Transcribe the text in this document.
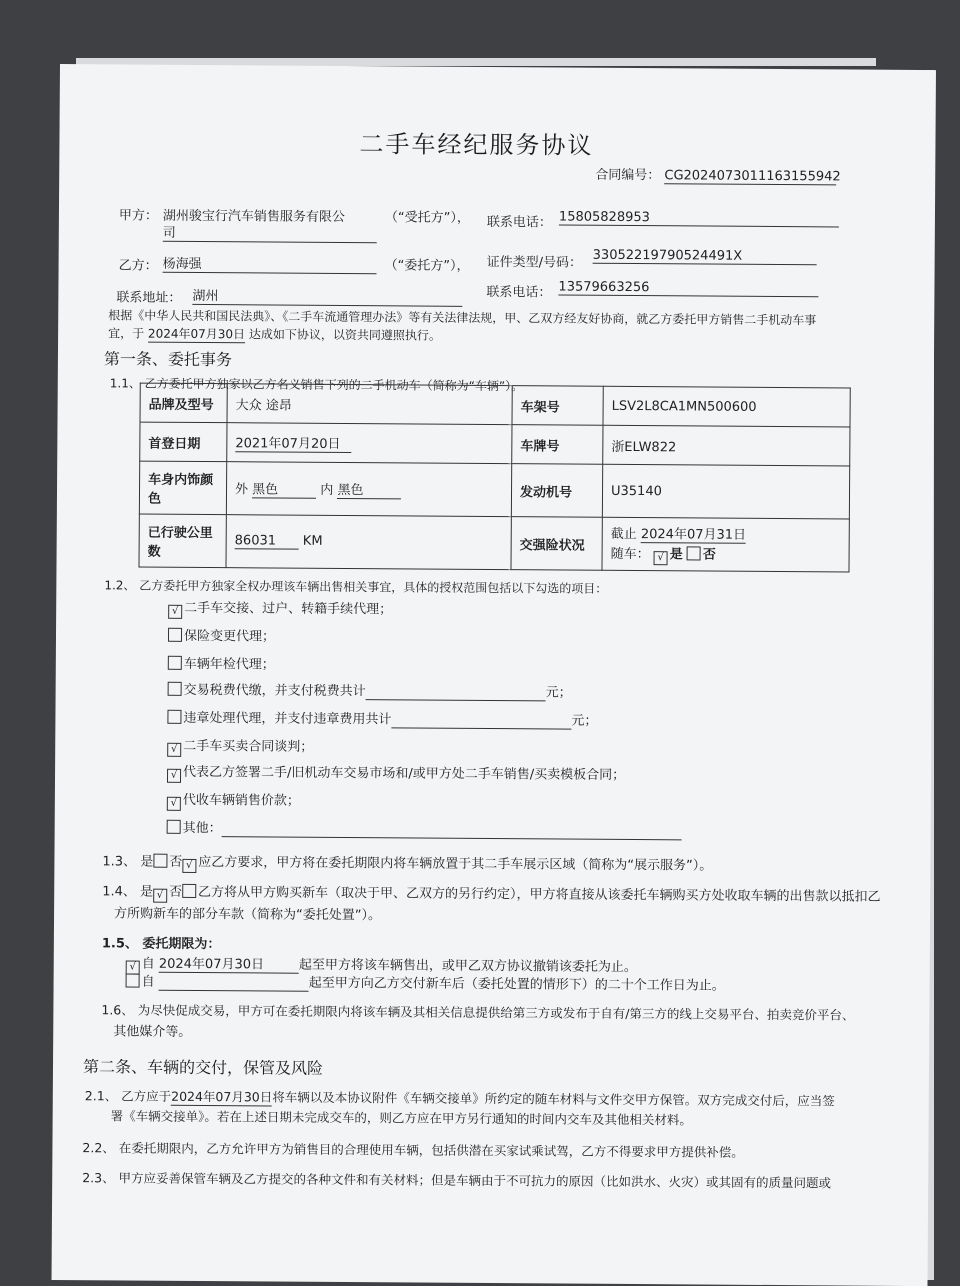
二手车经纪服务协议
合同编号： CG2024073011163155942
甲方： 湖州骏宝行汽车销售服务有限公
司
（“受托方”）， 联系电话： 15805828953
乙方： 杨海强	（“委托方”）， 证件类型/号码： 33052219790524491X
联系地址： 湖州	联系电话： 13579663256
根据《中华人民共和国民法典》、《二手车流通管理办法》等有关法律法规，甲、乙双方经友好协商，就乙方委托甲方销售二手机动车事
宜，于 2024年07月30日 达成如下协议，以资共同遵照执行。
第一条、委托事务
1.1、 乙方委托甲方独家以乙方名义销售下列的二手机动车（简称为“车辆”）。
品牌及型号	大众 途昂	车架号	LSV2L8CA1MN500600
首登日期	2021年07月20日	车牌号	浙ELW822
车身内饰颜色	外 黑色 内 黑色	发动机号	U35140
已行驶公里数	86031 KM	交强险状况	截止 2024年07月31日
随车： √ 是 否
1.2、 乙方委托甲方独家全权办理该车辆出售相关事宜，具体的授权范围包括以下勾选的项目：
√ 二手车交接、过户、转籍手续代理；
保险变更代理；
车辆年检代理；
交易税费代缴，并支付税费共计	元；
违章处理代理，并支付违章费用共计	元；
√ 二手车买卖合同谈判；
√ 代表乙方签署二手/旧机动车交易市场和/或甲方处二手车销售/买卖模板合同；
√ 代收车辆销售价款；
其他：
1.3、 是 否 √ 应乙方要求，甲方将在委托期限内将车辆放置于其二手车展示区域（简称为“展示服务”）。
1.4、 是 √ 否 乙方将从甲方购买新车（取决于甲、乙双方的另行约定），甲方将直接从该委托车辆购买方处收取车辆的出售款以抵扣乙
方所购新车的部分车款（简称为“委托处置”）。
1.5、 委托期限为：
√ 自 2024年07月30日	起至甲方将该车辆售出，或甲乙双方协议撤销该委托为止。
自	起至甲方向乙方交付新车后（委托处置的情形下）的二十个工作日为止。
1.6、 为尽快促成交易，甲方可在委托期限内将该车辆及其相关信息提供给第三方或发布于自有/第三方的线上交易平台、拍卖竞价平台、
其他媒介等。
第二条、车辆的交付，保管及风险
2.1、 乙方应于2024年07月30日将车辆以及本协议附件《车辆交接单》所约定的随车材料与文件交甲方保管。双方完成交付后，应当签
署《车辆交接单》。若在上述日期未完成交车的，则乙方应在甲方另行通知的时间内交车及其他相关材料。
2.2、 在委托期限内，乙方允许甲方为销售目的合理使用车辆，包括供潜在买家试乘试驾，乙方不得要求甲方提供补偿。
2.3、 甲方应妥善保管车辆及乙方提交的各种文件和有关材料；但是车辆由于不可抗力的原因（比如洪水、火灾）或其固有的质量问题或
